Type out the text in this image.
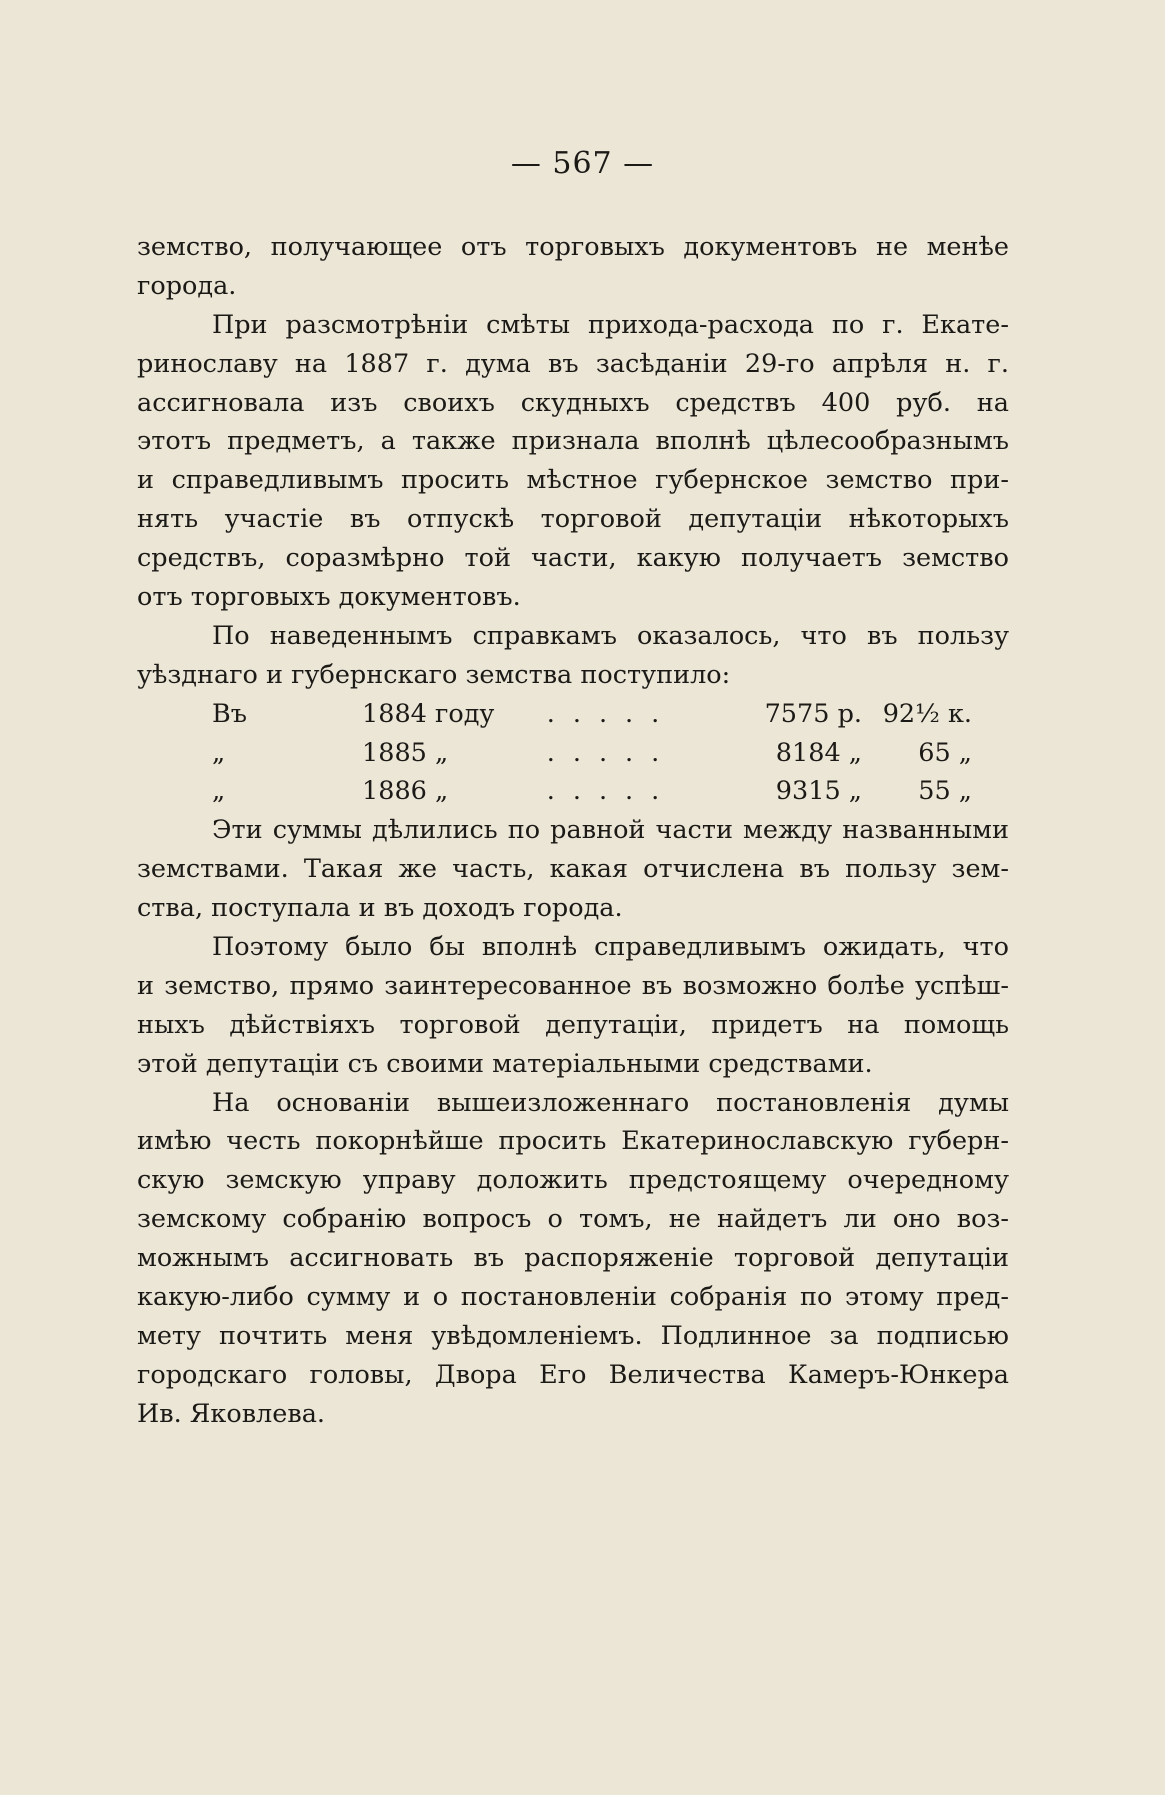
— 567 —
земство, получающее отъ торговыхъ документовъ не менѣе
города.
При разсмотрѣніи смѣты прихода-расхода по г. Екате-
ринославу на 1887 г. дума въ засѣданіи 29-го апрѣля н. г.
ассигновала изъ своихъ скудныхъ средствъ 400 руб. на
этотъ предметъ, а также признала вполнѣ цѣлесообразнымъ
и справедливымъ просить мѣстное губернское земство при-
нять участіе въ отпускѣ торговой депутаціи нѣкоторыхъ
средствъ, соразмѣрно той части, какую получаетъ земство
отъ торговыхъ документовъ.
По наведеннымъ справкамъ оказалось, что въ пользу
уѣзднаго и губернскаго земства поступило:
Въ	1884 году	.....	7575 р. 92½ к.
„	1885 „	.....	8184 „	65 „
„	1886 „	.....	9315 „	55 „
Эти суммы дѣлились по равной части между названными
земствами. Такая же часть, какая отчислена въ пользу зем-
ства, поступала и въ доходъ города.
Поэтому было бы вполнѣ справедливымъ ожидать, что
и земство, прямо заинтересованное въ возможно болѣе успѣш-
ныхъ дѣйствіяхъ торговой депутаціи, придетъ на помощь
этой депутаціи съ своими матеріальными средствами.
На основаніи вышеизложеннаго постановленія думы
имѣю честь покорнѣйше просить Екатеринославскую губерн-
скую земскую управу доложить предстоящему очередному
земскому собранію вопросъ о томъ, не найдетъ ли оно воз-
можнымъ ассигновать въ распоряженіе торговой депутаціи
какую-либо сумму и о постановленіи собранія по этому пред-
мету почтить меня увѣдомленіемъ. Подлинное за подписью
городскаго головы, Двора Его Величества Камеръ-Юнкера
Ив. Яковлева.
